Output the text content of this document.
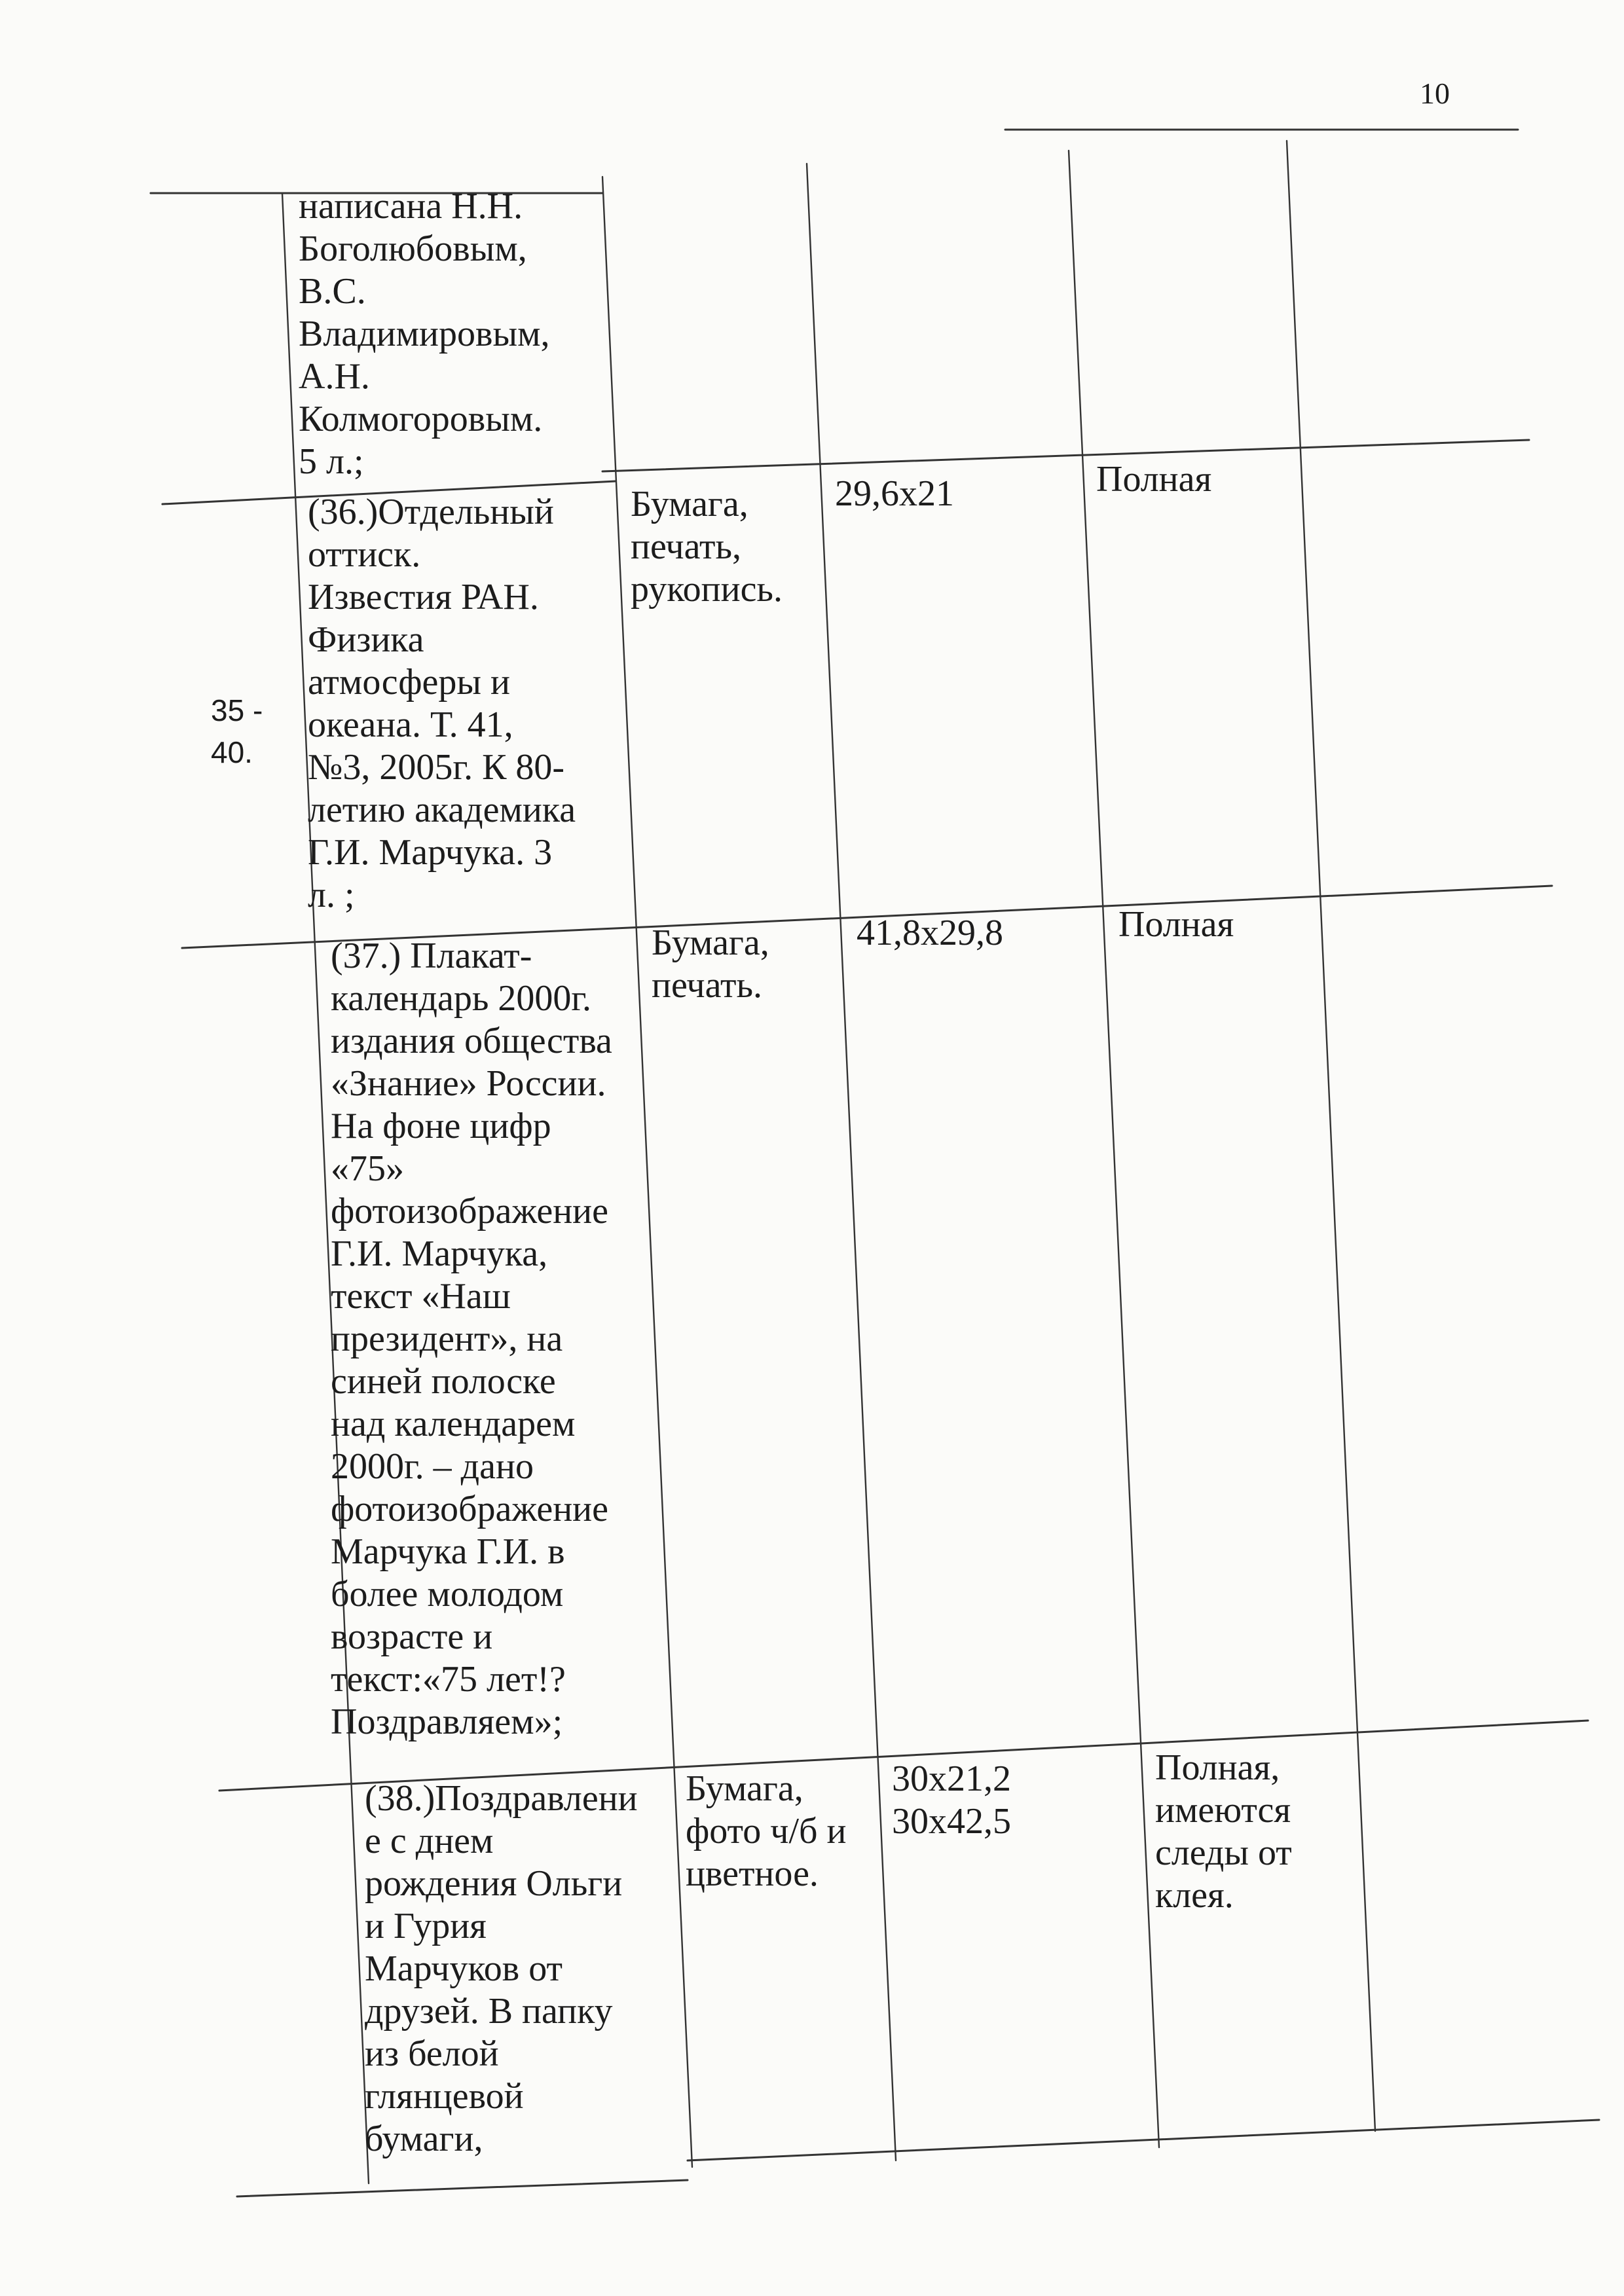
10
35 -
40.
написана Н.Н.
Боголюбовым,
В.С.
Владимировым,
А.Н.
Колмогоровым.
5 л.;
(36.)Отдельный
оттиск.
Известия РАН.
Физика
атмосферы и
океана. Т. 41,
№3, 2005г. К 80-
летию академика
Г.И. Марчука. 3
л. ;
Бумага,
печать,
рукопись.
29,6х21	Полная
(37.) Плакат-
календарь 2000г.
издания общества
«Знание» России.
На фоне цифр
«75»
фотоизображение
Г.И. Марчука,
текст «Наш
президент», на
синей полоске
над календарем
2000г. – дано
фотоизображение
Марчука Г.И. в
более молодом
возрасте и
текст:«75 лет!?
Поздравляем»;
Бумага,
печать.
41,8х29,8	Полная
(38.)Поздравлени
е с днем
рождения Ольги
и Гурия
Марчуков от
друзей. В папку
из белой
глянцевой
бумаги,
Бумага,
фото ч/б и
цветное.
30х21,2
30х42,5
Полная,
имеются
следы от
клея.
